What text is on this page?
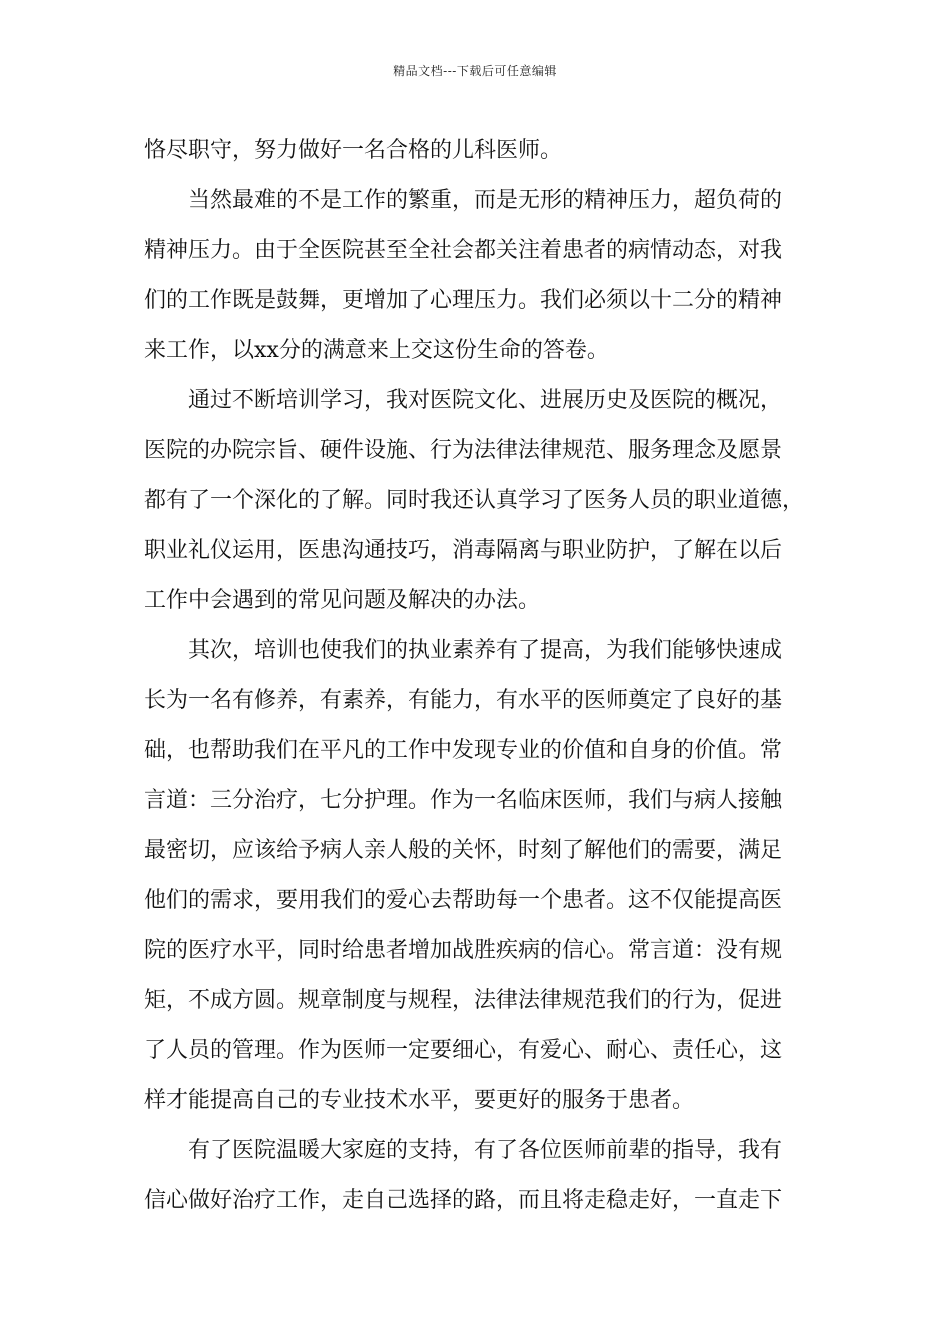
精品文档---下载后可任意编辑
恪尽职守，努力做好一名合格的儿科医师。
当然最难的不是工作的繁重，而是无形的精神压力，超负荷的
精神压力。由于全医院甚至全社会都关注着患者的病情动态，对我
们的工作既是鼓舞，更增加了心理压力。我们必须以十二分的精神
来工作，以xx分的满意来上交这份生命的答卷。
通过不断培训学习，我对医院文化、进展历史及医院的概况，
医院的办院宗旨、硬件设施、行为法律法律规范、服务理念及愿景
都有了一个深化的了解。同时我还认真学习了医务人员的职业道德，
职业礼仪运用，医患沟通技巧，消毒隔离与职业防护，了解在以后
工作中会遇到的常见问题及解决的办法。
其次，培训也使我们的执业素养有了提高，为我们能够快速成
长为一名有修养，有素养，有能力，有水平的医师奠定了良好的基
础，也帮助我们在平凡的工作中发现专业的价值和自身的价值。常
言道：三分治疗，七分护理。作为一名临床医师，我们与病人接触
最密切，应该给予病人亲人般的关怀，时刻了解他们的需要，满足
他们的需求，要用我们的爱心去帮助每一个患者。这不仅能提高医
院的医疗水平，同时给患者增加战胜疾病的信心。常言道：没有规
矩，不成方圆。规章制度与规程，法律法律规范我们的行为，促进
了人员的管理。作为医师一定要细心，有爱心、耐心、责任心，这
样才能提高自己的专业技术水平，要更好的服务于患者。
有了医院温暖大家庭的支持，有了各位医师前辈的指导，我有
信心做好治疗工作，走自己选择的路，而且将走稳走好，一直走下
